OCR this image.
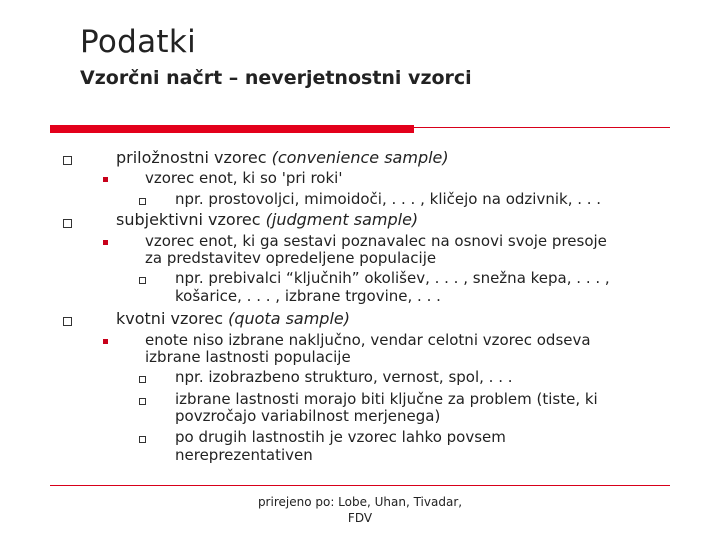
Podatki
Vzorčni načrt – neverjetnostni vzorci
priložnostni vzorec (convenience sample)
vzorec enot, ki so 'pri roki'
npr. prostovoljci, mimoidoči, . . . , kličejo na odzivnik, . . .
subjektivni vzorec (judgment sample)
vzorec enot, ki ga sestavi poznavalec na osnovi svoje presoje
za predstavitev opredeljene populacije
npr. prebivalci “ključnih” okolišev, . . . , snežna kepa, . . . ,
košarice, . . . , izbrane trgovine, . . .
kvotni vzorec (quota sample)
enote niso izbrane naključno, vendar celotni vzorec odseva
izbrane lastnosti populacije
npr. izobrazbeno strukturo, vernost, spol, . . .
izbrane lastnosti morajo biti ključne za problem (tiste, ki
povzročajo variabilnost merjenega)
po drugih lastnostih je vzorec lahko povsem
nereprezentativen
prirejeno po: Lobe, Uhan, Tivadar,
FDV
